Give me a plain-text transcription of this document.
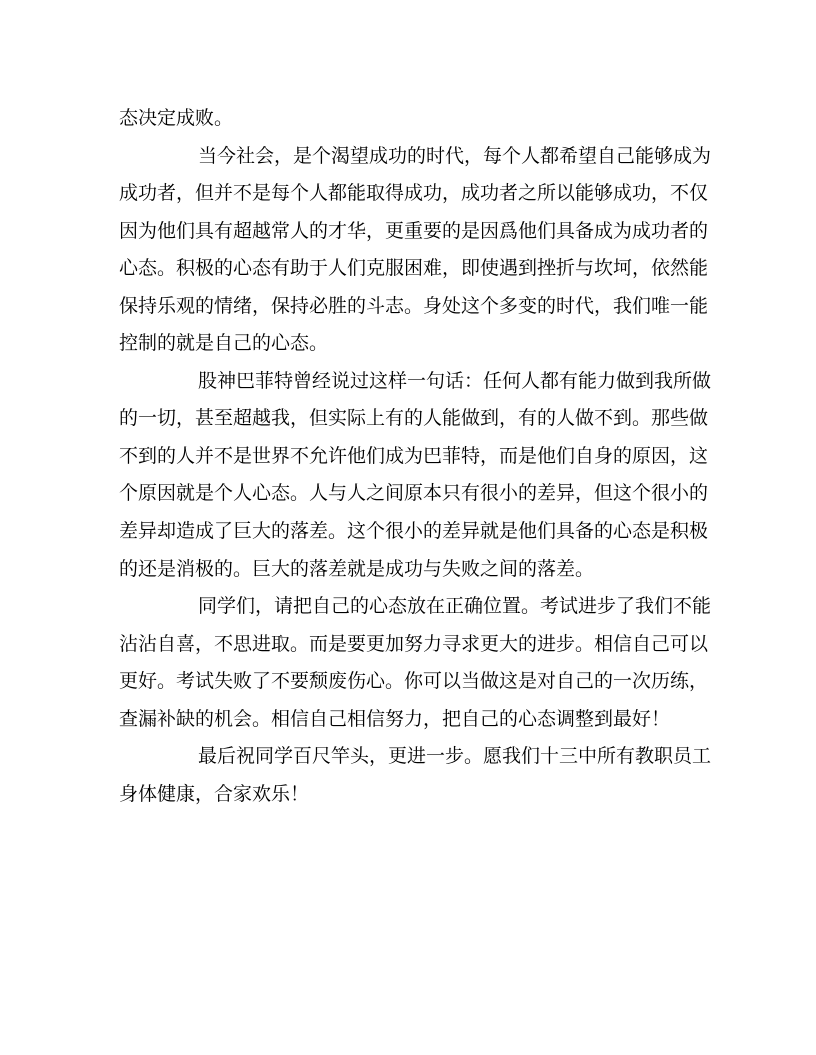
态决定成败。
当今社会，是个渴望成功的时代，每个人都希望自己能够成为
成功者，但并不是每个人都能取得成功，成功者之所以能够成功，不仅
因为他们具有超越常人的才华，更重要的是因爲他们具备成为成功者的
心态。积极的心态有助于人们克服困难，即使遇到挫折与坎坷，依然能
保持乐观的情绪，保持必胜的斗志。身处这个多变的时代，我们唯一能
控制的就是自己的心态。
股神巴菲特曾经说过这样一句话：任何人都有能力做到我所做
的一切，甚至超越我，但实际上有的人能做到，有的人做不到。那些做
不到的人并不是世界不允许他们成为巴菲特，而是他们自身的原因，这
个原因就是个人心态。人与人之间原本只有很小的差异，但这个很小的
差异却造成了巨大的落差。这个很小的差异就是他们具备的心态是积极
的还是消极的。巨大的落差就是成功与失败之间的落差。
同学们，请把自己的心态放在正确位置。考试进步了我们不能
沾沾自喜，不思进取。而是要更加努力寻求更大的进步。相信自己可以
更好。考试失败了不要颓废伤心。你可以当做这是对自己的一次历练，
查漏补缺的机会。相信自己相信努力，把自己的心态调整到最好！
最后祝同学百尺竿头，更进一步。愿我们十三中所有教职员工
身体健康，合家欢乐！
